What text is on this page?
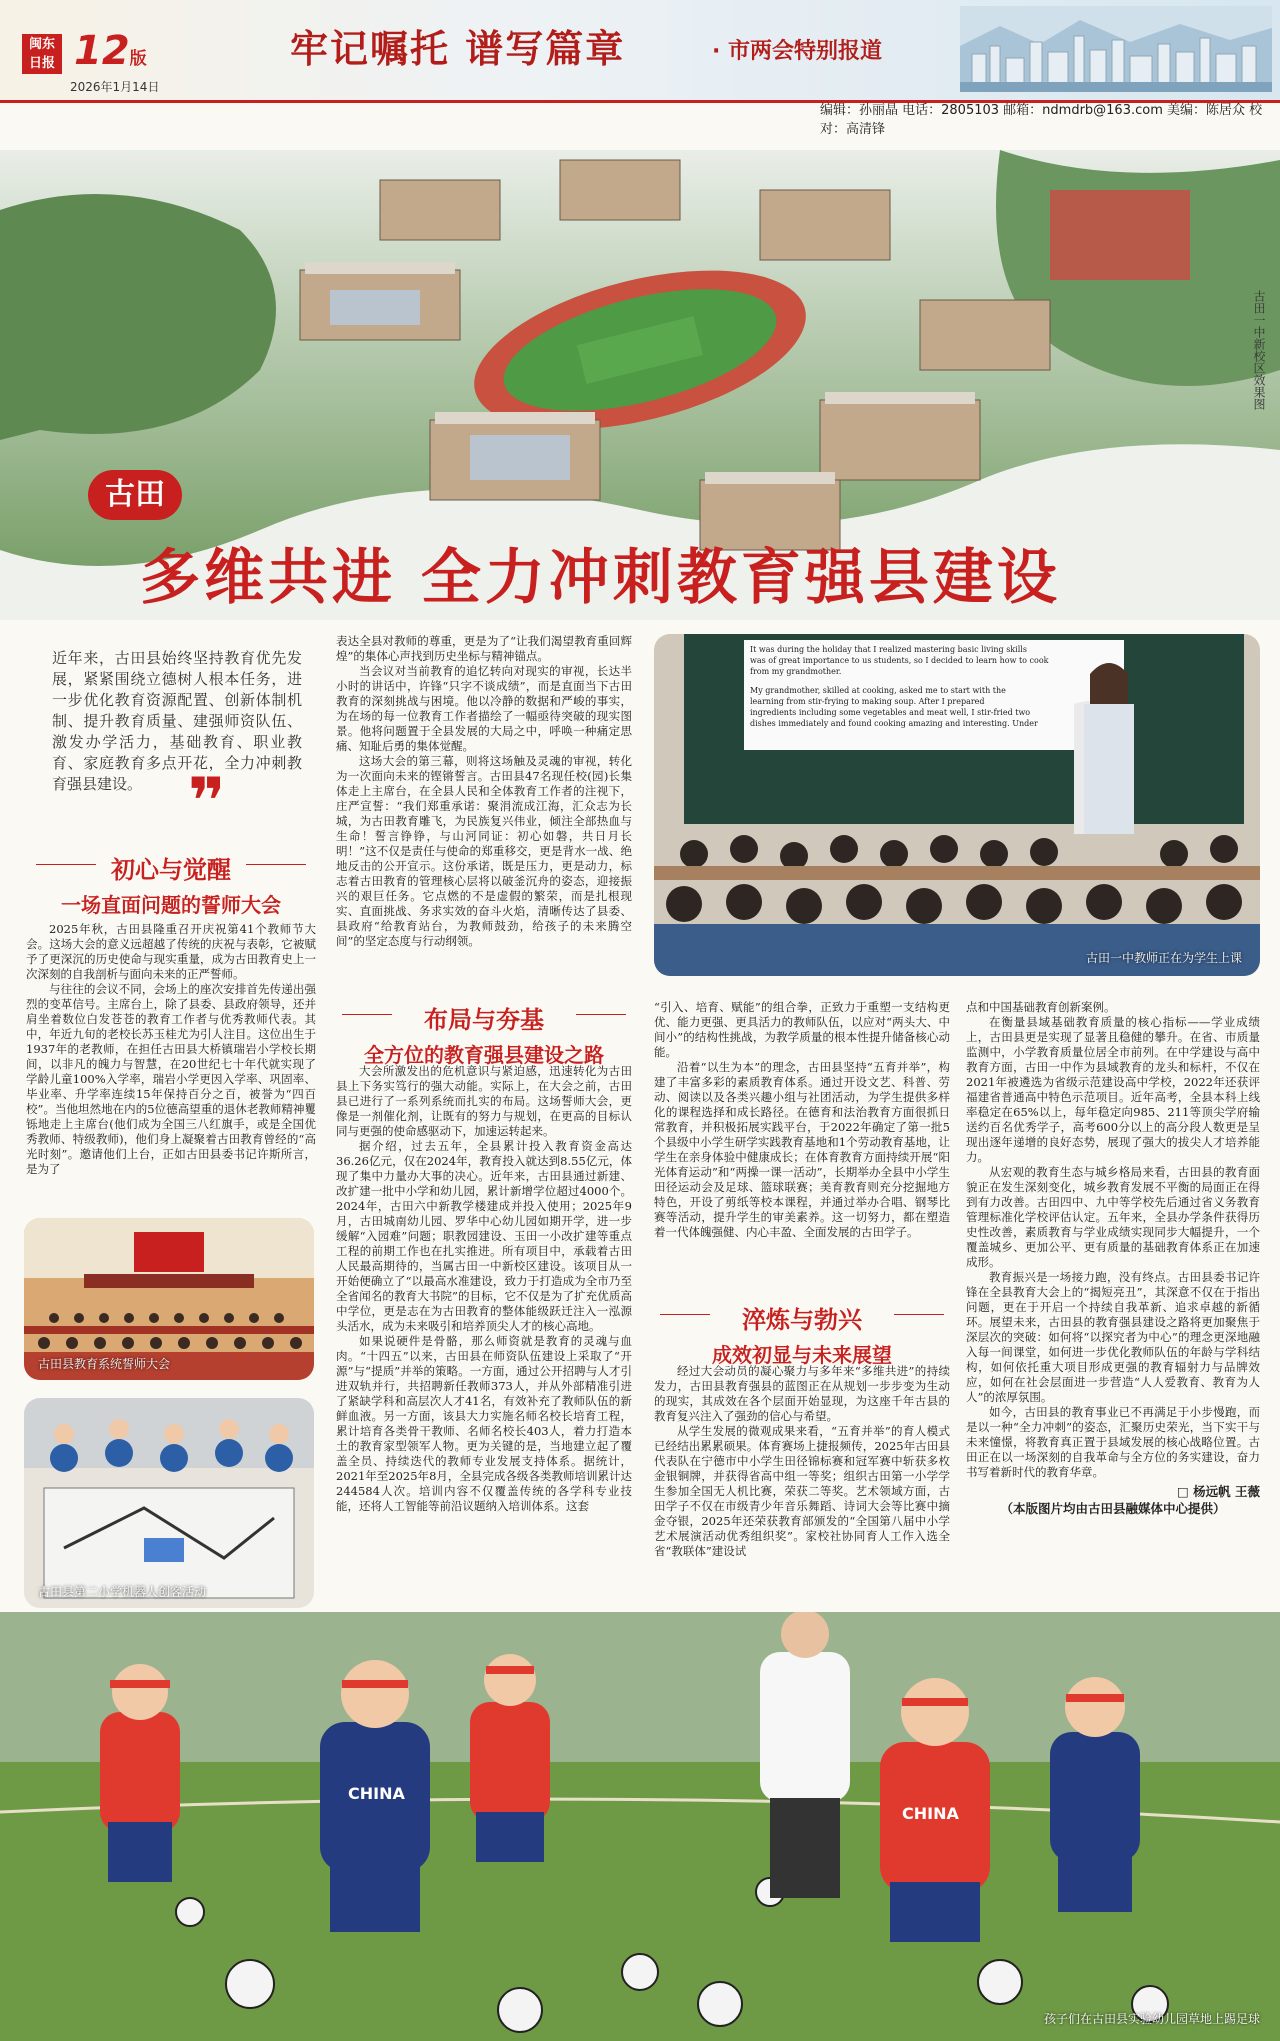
闽东日报 12版
2026年1月14日
牢记嘱托 谱写篇章	· 市两会特别报道
编辑：孙丽晶 电话：2805103 邮箱：ndmdrb@163.com 美编：陈居众 校对：高清锋
古田一中新校区效果图
古田
多维共进 全力冲刺教育强县建设
近年来，古田县始终坚持教育优先发展，紧紧围绕立德树人根本任务，进一步优化教育资源配置、创新体制机制、提升教育质量、建强师资队伍、激发办学活力，基础教育、职业教育、家庭教育多点开花，全力冲刺教育强县建设。 ❞
初心与觉醒
一场直面问题的誓师大会

2025年秋，古田县隆重召开庆祝第41个教师节大会。这场大会的意义远超越了传统的庆祝与表彰，它被赋予了更深沉的历史使命与现实重量，成为古田教育史上一次深刻的自我剖析与面向未来的正严誓师。

与往往的会议不同，会场上的座次安排首先传递出强烈的变革信号。主席台上，除了县委、县政府领导，还并肩坐着数位白发苍苍的教育工作者与优秀教师代表。其中，年近九旬的老校长苏玉桂尤为引人注目。这位出生于1937年的老教师，在担任古田县大桥镇瑞岩小学校长期间，以非凡的魄力与智慧，在20世纪七十年代就实现了学龄儿童100%入学率，瑞岩小学更因入学率、巩固率、毕业率、升学率连续15年保持百分之百，被誉为“四百校”。当他坦然地在内的5位德高望重的退休老教师精神矍铄地走上主席台(他们成为全国三八红旗手，或是全国优秀教师、特级教师)，他们身上凝聚着古田教育曾经的“高光时刻”。邀请他们上台，正如古田县委书记许斯所言，是为了

古田县教育系统誓师大会
古田县第二小学机器人创客活动

表达全县对教师的尊重，更是为了“让我们渴望教育重回辉煌”的集体心声找到历史坐标与精神锚点。

当会议对当前教育的追忆转向对现实的审视，长达半小时的讲话中，许锋“只字不谈成绩”，而是直面当下古田教育的深刻挑战与困境。他以冷静的数据和严峻的事实，为在场的每一位教育工作者描绘了一幅亟待突破的现实图景。他将问题置于全县发展的大局之中，呼唤一种痛定思痛、知耻后勇的集体觉醒。

这场大会的第三幕，则将这场触及灵魂的审视，转化为一次面向未来的铿锵誓言。古田县47名现任校(园)长集体走上主席台，在全县人民和全体教育工作者的注视下，庄严宣誓：“我们郑重承诺：聚涓流成江海，汇众志为长城，为古田教育雕飞，为民族复兴伟业，倾注全部热血与生命！誓言铮铮，与山河同证：初心如磐，共日月长明！”这不仅是责任与使命的郑重移交，更是背水一战、绝地反击的公开宣示。这份承诺，既是压力，更是动力，标志着古田教育的管理核心层将以破釜沉舟的姿态，迎接振兴的艰巨任务。它点燃的不是虚假的繁荣，而是扎根现实、直面挑战、务求实效的奋斗火焰，清晰传达了县委、县政府“给教育站台，为教师鼓劲，给孩子的未来腾空间”的坚定态度与行动纲领。

布局与夯基
全方位的教育强县建设之路

大会所激发出的危机意识与紧迫感，迅速转化为古田县上下务实笃行的强大动能。实际上，在大会之前，古田县已进行了一系列系统而扎实的布局。这场誓师大会，更像是一剂催化剂，让既有的努力与规划，在更高的目标认同与更强的使命感驱动下，加速运转起来。

据介绍，过去五年，全县累计投入教育资金高达36.26亿元，仅在2024年，教育投入就达到8.55亿元，体现了集中力量办大事的决心。近年来，古田县通过新建、改扩建一批中小学和幼儿园，累计新增学位超过4000个。2024年，古田六中新教学楼建成并投入使用；2025年9月，古田城南幼儿园、罗华中心幼儿园如期开学，进一步缓解“入园难”问题；职教园建设、玉田一小改扩建等重点工程的前期工作也在扎实推进。所有项目中，承载着古田人民最高期待的，当属古田一中新校区建设。该项目从一开始便确立了“以最高水准建设，致力于打造成为全市乃至全省闻名的教育大书院”的目标，它不仅是为了扩充优质高中学位，更是志在为古田教育的整体能级跃迁注入一泓源头活水，成为未来吸引和培养顶尖人才的核心高地。

如果说硬件是骨骼，那么师资就是教育的灵魂与血肉。“十四五”以来，古田县在师资队伍建设上采取了“开源”与“提质”并举的策略。一方面，通过公开招聘与人才引进双轨并行，共招聘新任教师373人，并从外部精准引进了紧缺学科和高层次人才41名，有效补充了教师队伍的新鲜血液。另一方面，该县大力实施名师名校长培育工程，累计培育各类骨干教师、名师名校长403人，着力打造本土的教育家型领军人物。更为关键的是，当地建立起了覆盖全员、持续迭代的教师专业发展支持体系。据统计，2021年至2025年8月，全县完成各级各类教师培训累计达244584人次。培训内容不仅覆盖传统的各学科专业技能，还将人工智能等前沿议题纳入培训体系。这套

It was during the holiday that I realized mastering basic living skills
was of great importance to us students, so I decided to learn how to cook
from my grandmother.
My grandmother, skilled at cooking, asked me to start with the
learning from stir-frying to making soup. After I prepared
ingredients including some vegetables and meat well, I stir-fried two
dishes immediately and found cooking amazing and interesting. Under
古田一中教师正在为学生上课

“引入、培育、赋能”的组合拳，正致力于重塑一支结构更优、能力更强、更具活力的教师队伍，以应对“两头大、中间小”的结构性挑战，为教学质量的根本性提升储备核心动能。

沿着“以生为本”的理念，古田县坚持“五育并举”，构建了丰富多彩的素质教育体系。通过开设文艺、科普、劳动、阅读以及各类兴趣小组与社团活动，为学生提供多样化的课程选择和成长路径。在德育和法治教育方面很抓日常教育，并积极拓展实践平台，于2022年确定了第一批5个县级中小学生研学实践教育基地和1个劳动教育基地，让学生在亲身体验中健康成长；在体育教育方面持续开展“阳光体育运动”和“两操一课一活动”，长期举办全县中小学生田径运动会及足球、篮球联赛；美育教育则充分挖掘地方特色，开设了剪纸等校本课程，并通过举办合唱、钢琴比赛等活动，提升学生的审美素养。这一切努力，都在塑造着一代体魄强健、内心丰盈、全面发展的古田学子。

淬炼与勃兴
成效初显与未来展望

经过大会动员的凝心聚力与多年来“多维共进”的持续发力，古田县教育强县的蓝图正在从规划一步步变为生动的现实，其成效在各个层面开始显现，为这座千年古县的教育复兴注入了强劲的信心与希望。

从学生发展的微观成果来看，“五育并举”的育人模式已经结出累累硕果。体育赛场上捷报频传，2025年古田县代表队在宁德市中小学生田径锦标赛和冠军赛中斩获多枚金银铜牌，并获得省高中组一等奖；组织古田第一小学学生参加全国无人机比赛，荣获二等奖。艺术领域方面，古田学子不仅在市级青少年音乐舞蹈、诗词大会等比赛中摘金夺银，2025年还荣获教育部颁发的“全国第八届中小学艺术展演活动优秀组织奖”。家校社协同育人工作入选全省“教联体”建设试

点和中国基础教育创新案例。

在衡量县域基础教育质量的核心指标——学业成绩上，古田县更是实现了显著且稳健的攀升。在省、市质量监测中，小学教育质量位居全市前列。在中学建设与高中教育方面，古田一中作为县域教育的龙头和标杆，不仅在2021年被遴选为省级示范建设高中学校，2022年还获评福建省普通高中特色示范项目。近年高考，全县本科上线率稳定在65%以上，每年稳定向985、211等顶尖学府输送约百名优秀学子，高考600分以上的高分段人数更是呈现出逐年递增的良好态势，展现了强大的拔尖人才培养能力。

从宏观的教育生态与城乡格局来看，古田县的教育面貌正在发生深刻变化，城乡教育发展不平衡的局面正在得到有力改善。古田四中、九中等学校先后通过省义务教育管理标准化学校评估认定。五年来，全县办学条件获得历史性改善，素质教育与学业成绩实现同步大幅提升，一个覆盖城乡、更加公平、更有质量的基础教育体系正在加速成形。

教育振兴是一场接力跑，没有终点。古田县委书记许锋在全县教育大会上的“揭短亮丑”，其深意不仅在于指出问题，更在于开启一个持续自我革新、追求卓越的新循环。展望未来，古田县的教育强县建设之路将更加聚焦于深层次的突破：如何将“以探究者为中心”的理念更深地融入每一间课堂，如何进一步优化教师队伍的年龄与学科结构，如何依托重大项目形成更强的教育辐射力与品牌效应，如何在社会层面进一步营造“人人爱教育、教育为人人”的浓厚氛围。

如今，古田县的教育事业已不再满足于小步慢跑，而是以一种“全力冲刺”的姿态，汇聚历史荣光，当下实干与未来憧憬，将教育真正置于县域发展的核心战略位置。古田正在以一场深刻的自我革命与全方位的务实建设，奋力书写着新时代的教育华章。

□ 杨远帆 王薇
（本版图片均由古田县融媒体中心提供）
CHINA
CHINA
孩子们在古田县实验幼儿园草地上踢足球
